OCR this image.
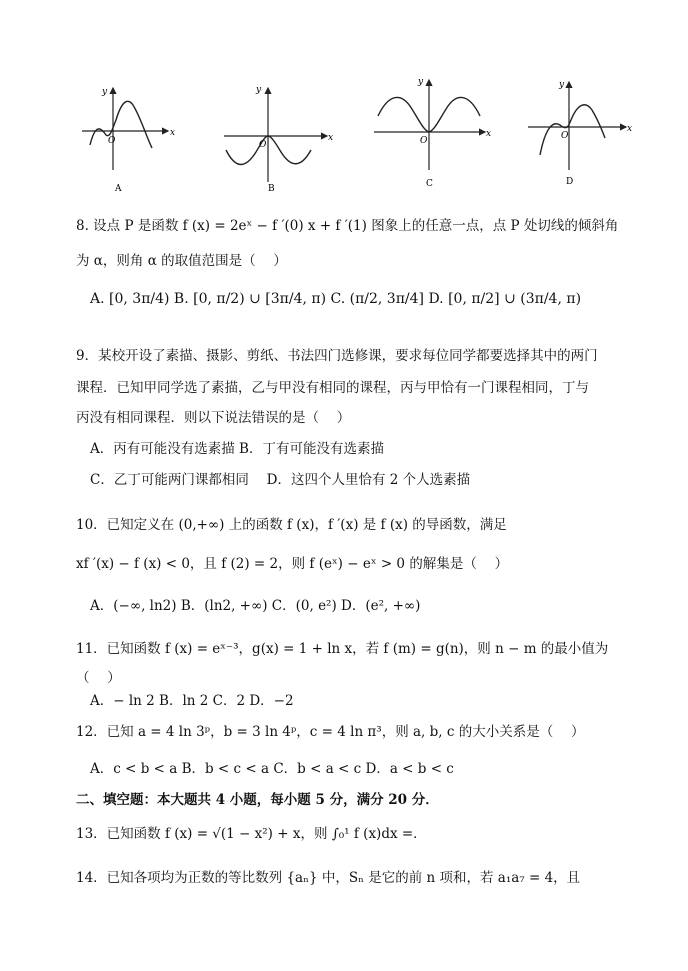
y
x
O
A
y
x
O
B
y
x
O
C
y
x
O
D
8. 设点 P 是函数 f (x) = 2eˣ − f ′(0) x + f ′(1) 图象上的任意一点，点 P 处切线的倾斜角
为 α，则角 α 的取值范围是（　 ）
A. [0, 3π/4) B. [0, π/2) ∪ [3π/4, π) C. (π/2, 3π/4] D. [0, π/2] ∪ (3π/4, π)
9．某校开设了素描、摄影、剪纸、书法四门选修课，要求每位同学都要选择其中的两门
课程．已知甲同学选了素描，乙与甲没有相同的课程，丙与甲恰有一门课程相同，丁与
丙没有相同课程．则以下说法错误的是（　 ）
A．丙有可能没有选素描 B．丁有可能没有选素描
C．乙丁可能两门课都相同　 D．这四个人里恰有 2 个人选素描
10．已知定义在 (0,+∞) 上的函数 f (x)，f ′(x) 是 f (x) 的导函数，满足
xf ′(x) − f (x) < 0，且 f (2) = 2，则 f (eˣ) − eˣ > 0 的解集是（　 ）
A．(−∞, ln2) B．(ln2, +∞) C．(0, e²) D．(e², +∞)
11．已知函数 f (x) = eˣ⁻³，g(x) = 1 + ln x，若 f (m) = g(n)，则 n − m 的最小值为
（　 ）
A．− ln 2 B．ln 2 C．2 D．−2
12．已知 a = 4 ln 3ᵖ，b = 3 ln 4ᵖ，c = 4 ln π³，则 a, b, c 的大小关系是（　 ）
A．c < b < a B．b < c < a C．b < a < c D．a < b < c
二、填空题：本大题共 4 小题，每小题 5 分，满分 20 分．
13．已知函数 f (x) = √(1 − x²) + x，则 ∫₀¹ f (x)dx =．
14．已知各项均为正数的等比数列 {aₙ} 中，Sₙ 是它的前 n 项和，若 a₁a₇ = 4，且
